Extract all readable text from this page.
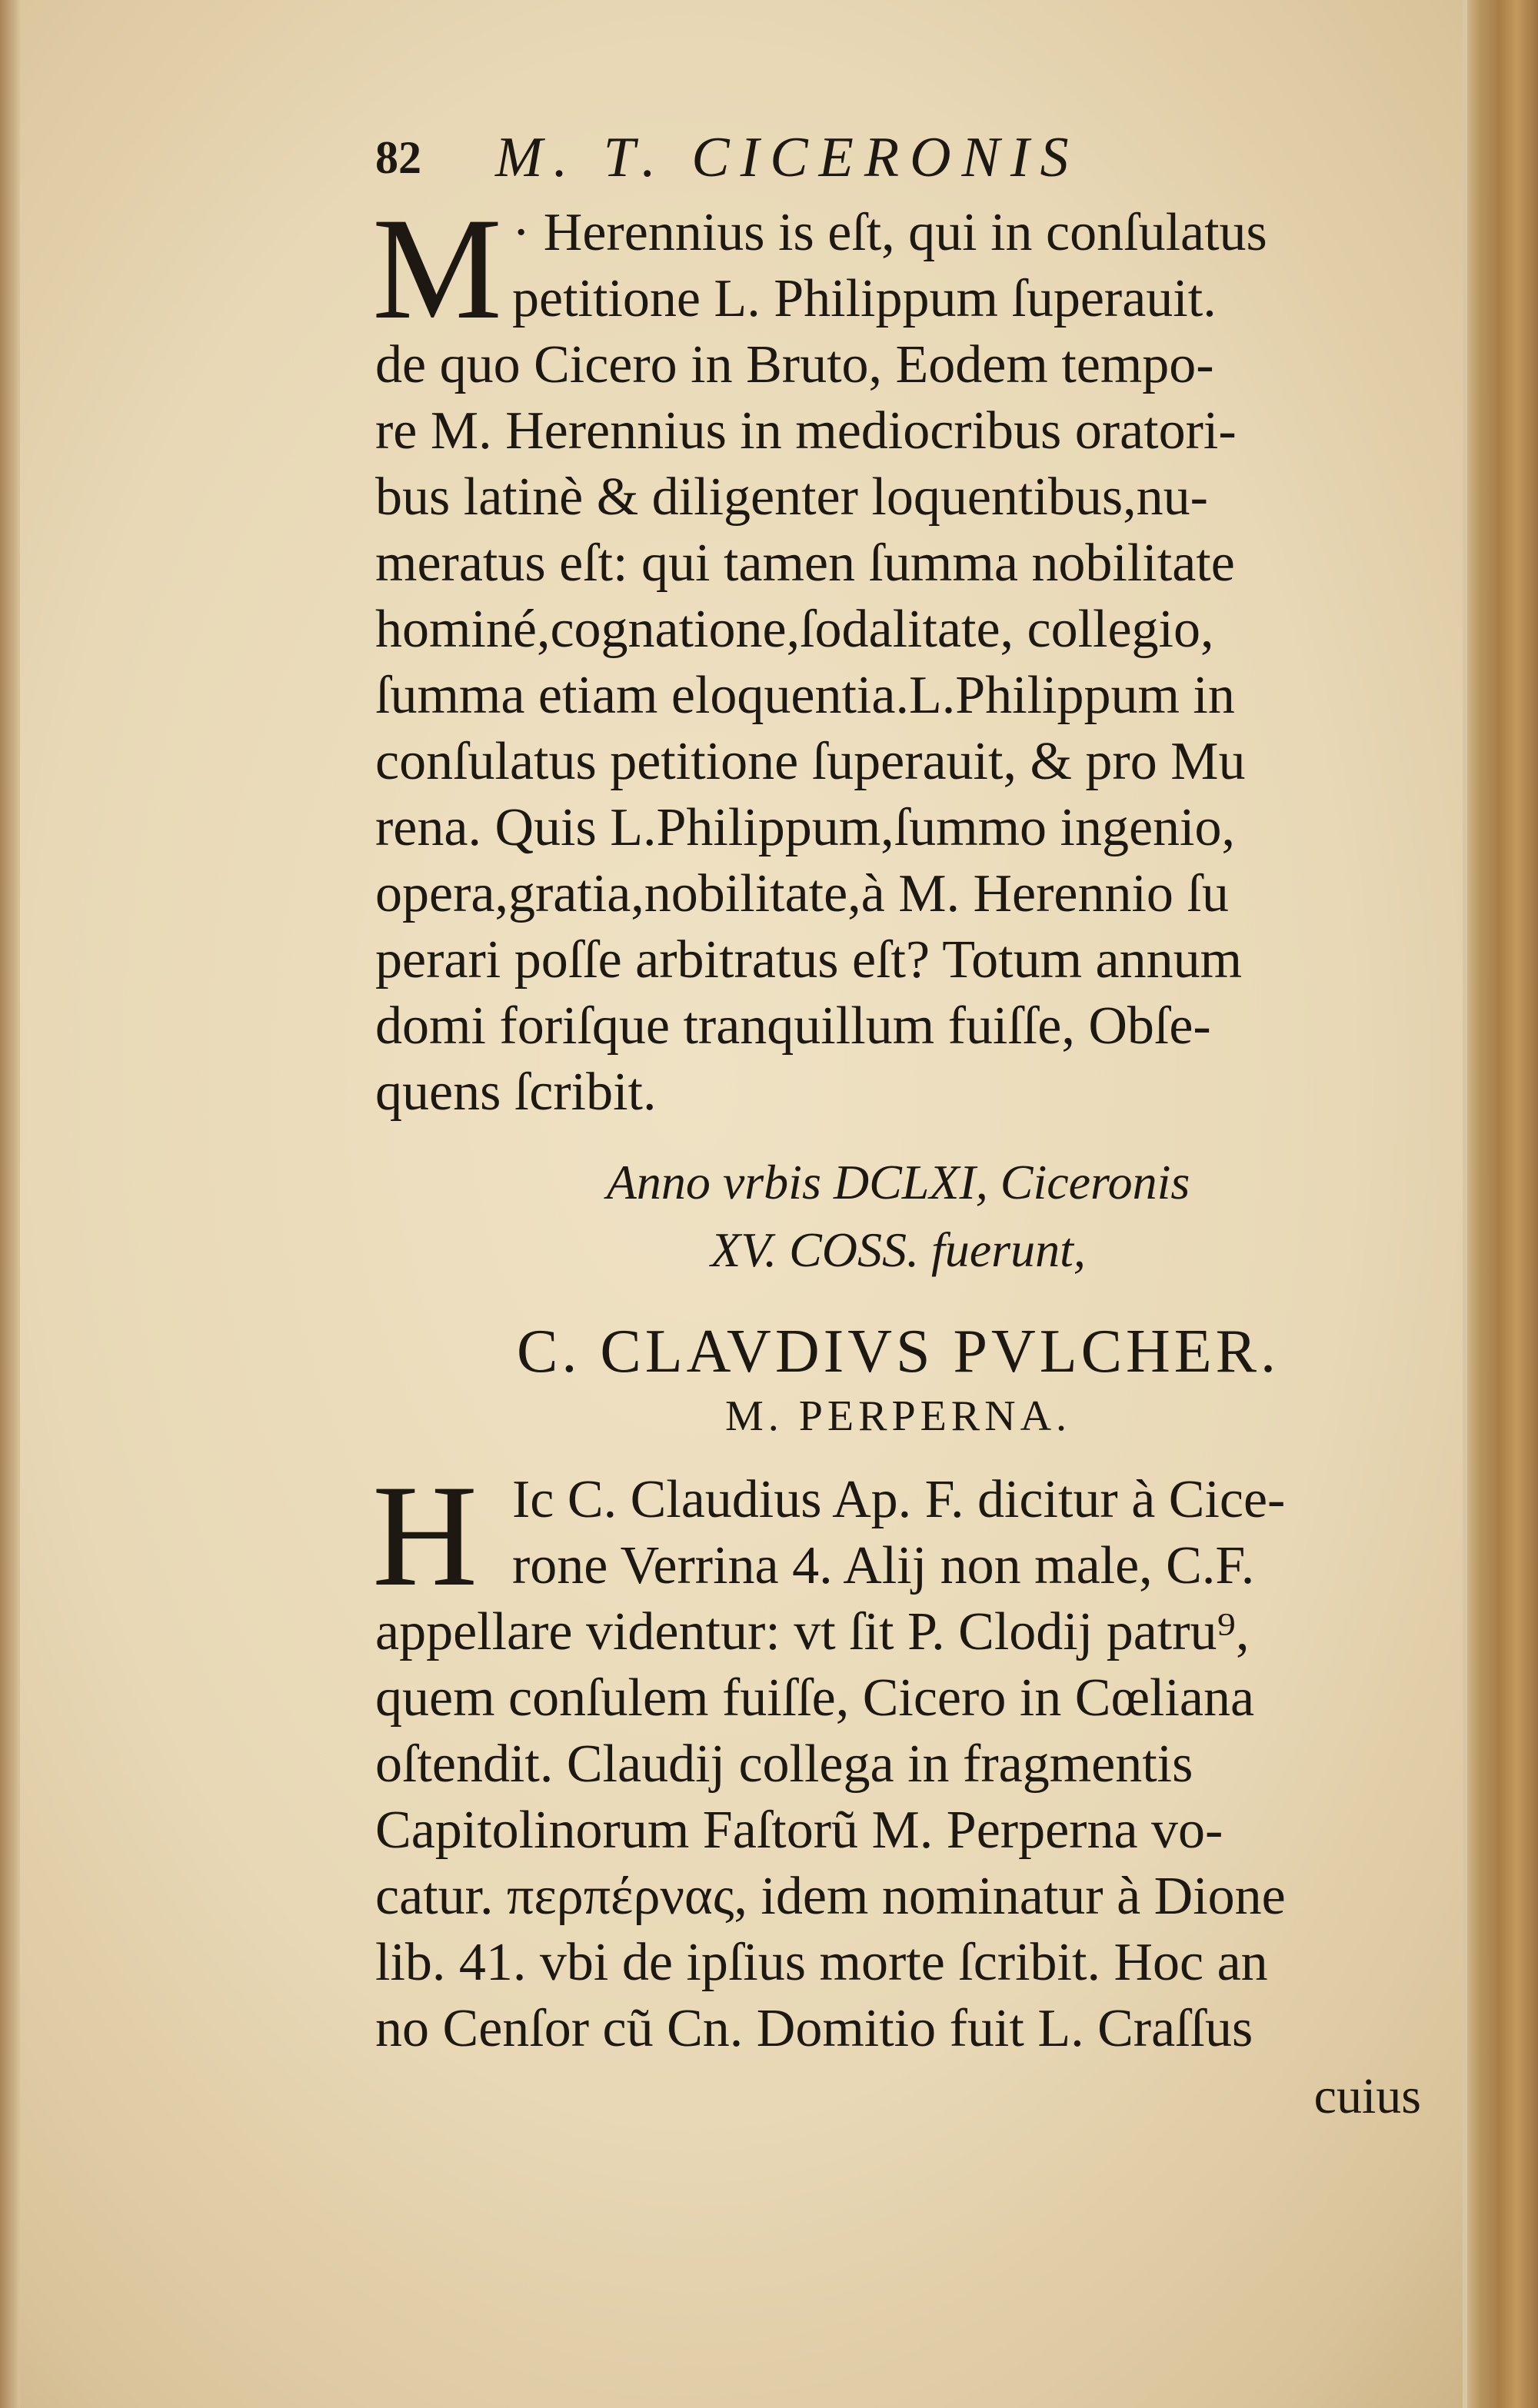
82 M. T. CICERONIS
M · Herennius is eſt, qui in conſulatus
petitione L. Philippum ſuperauit.
de quo Cicero in Bruto, Eodem tempo-
re M. Herennius in mediocribus oratori-
bus latinè & diligenter loquentibus,nu-
meratus eſt: qui tamen ſumma nobilitate
hominé,cognatione,ſodalitate, collegio,
ſumma etiam eloquentia.L.Philippum in
conſulatus petitione ſuperauit, & pro Mu
rena. Quis L.Philippum,ſummo ingenio,
opera,gratia,nobilitate,à M. Herennio ſu
perari poſſe arbitratus eſt? Totum annum
domi foriſque tranquillum fuiſſe, Obſe-
quens ſcribit.
Anno vrbis DCLXI, Ciceronis
XV. COSS. fuerunt,
C. CLAVDIVS PVLCHER.
M. PERPERNA.
H Ic C. Claudius Ap. F. dicitur à Cice-
rone Verrina 4. Alij non male, C.F.
appellare videntur: vt ſit P. Clodij patru⁹,
quem conſulem fuiſſe, Cicero in Cœliana
oſtendit. Claudij collega in fragmentis
Capitolinorum Faſtorũ M. Perperna vo-
catur. περπέρνας, idem nominatur à Dione
lib. 41. vbi de ipſius morte ſcribit. Hoc an
no Cenſor cũ Cn. Domitio fuit L. Craſſus
cuius
